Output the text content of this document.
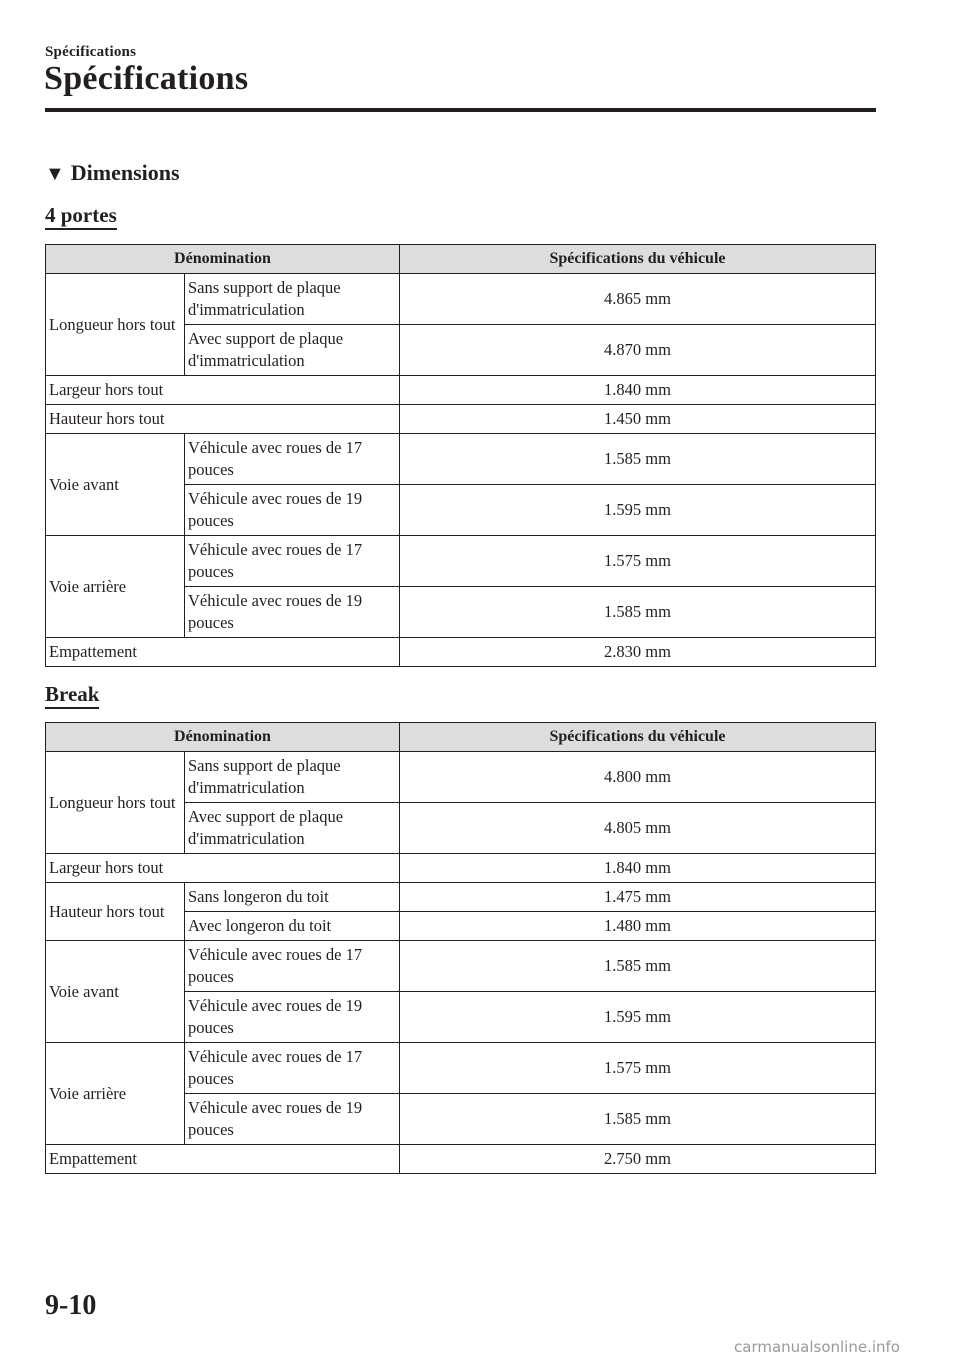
Spécifications
Spécifications
▼ Dimensions
4 portes
Dénomination		Spécifications du véhicule
Longueur hors tout	Sans support de plaque d'immatriculation	4.865 mm
	Avec support de plaque d'immatriculation	4.870 mm
Largeur hors tout		1.840 mm
Hauteur hors tout		1.450 mm
Voie avant	Véhicule avec roues de 17 pouces	1.585 mm
	Véhicule avec roues de 19 pouces	1.595 mm
Voie arrière	Véhicule avec roues de 17 pouces	1.575 mm
	Véhicule avec roues de 19 pouces	1.585 mm
Empattement		2.830 mm
Break
Dénomination		Spécifications du véhicule
Longueur hors tout	Sans support de plaque d'immatriculation	4.800 mm
	Avec support de plaque d'immatriculation	4.805 mm
Largeur hors tout		1.840 mm
Hauteur hors tout	Sans longeron du toit	1.475 mm
	Avec longeron du toit	1.480 mm
Voie avant	Véhicule avec roues de 17 pouces	1.585 mm
	Véhicule avec roues de 19 pouces	1.595 mm
Voie arrière	Véhicule avec roues de 17 pouces	1.575 mm
	Véhicule avec roues de 19 pouces	1.585 mm
Empattement		2.750 mm
9-10
carmanualsonline.info
